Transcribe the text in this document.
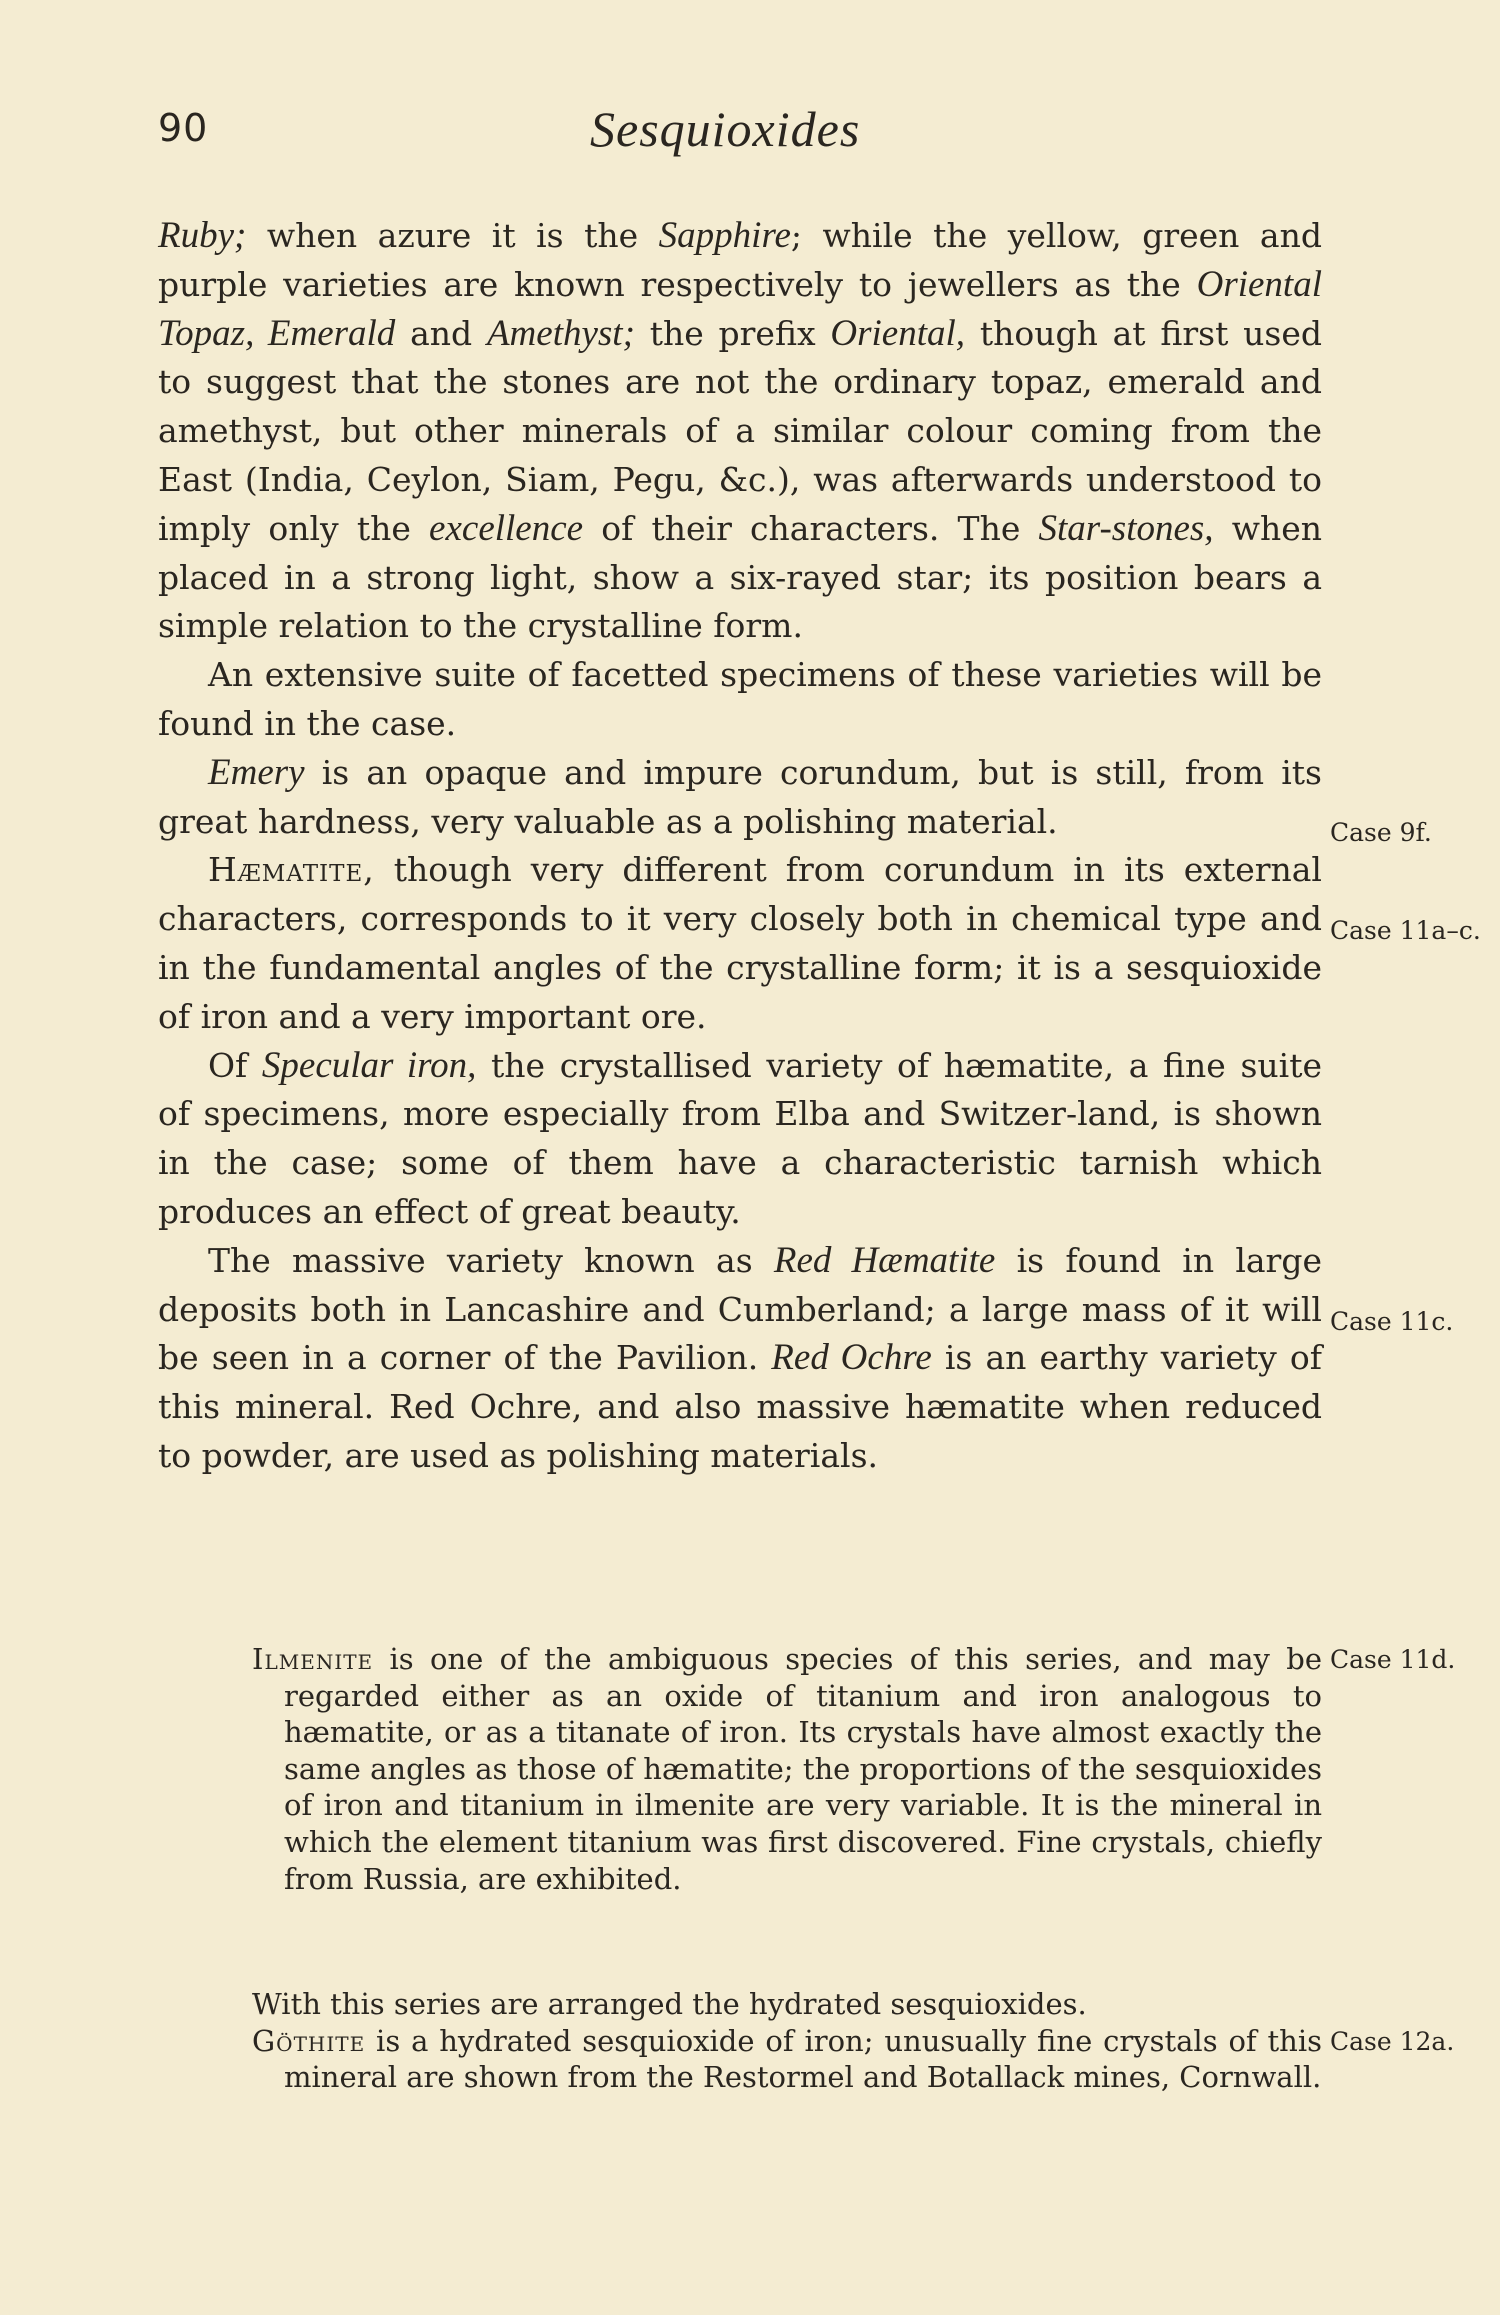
90	Sesquioxides

Ruby; when azure it is the Sapphire; while the yellow, green and purple varieties are known respectively to jewellers as the Oriental Topaz, Emerald and Amethyst; the prefix Oriental, though at first used to suggest that the stones are not the ordinary topaz, emerald and amethyst, but other minerals of a similar colour coming from the East (India, Ceylon, Siam, Pegu, &c.), was afterwards understood to imply only the excellence of their characters. The Star-stones, when placed in a strong light, show a six-rayed star; its position bears a simple relation to the crystalline form.

An extensive suite of facetted specimens of these varieties will be found in the case.

Emery is an opaque and impure corundum, but is still, from its great hardness, very valuable as a polishing material.

Hæmatite, though very different from corundum in its external characters, corresponds to it very closely both in chemical type and in the fundamental angles of the crystalline form; it is a sesquioxide of iron and a very important ore.

Of Specular iron, the crystallised variety of hæmatite, a fine suite of specimens, more especially from Elba and Switzer-land, is shown in the case; some of them have a characteristic tarnish which produces an effect of great beauty.

The massive variety known as Red Hæmatite is found in large deposits both in Lancashire and Cumberland; a large mass of it will be seen in a corner of the Pavilion. Red Ochre is an earthy variety of this mineral. Red Ochre, and also massive hæmatite when reduced to powder, are used as polishing materials.

Ilmenite is one of the ambiguous species of this series, and may be regarded either as an oxide of titanium and iron analogous to hæmatite, or as a titanate of iron. Its crystals have almost exactly the same angles as those of hæmatite; the proportions of the sesquioxides of iron and titanium in ilmenite are very variable. It is the mineral in which the element titanium was first discovered. Fine crystals, chiefly from Russia, are exhibited.

With this series are arranged the hydrated sesquioxides.

Göthite is a hydrated sesquioxide of iron; unusually fine crystals of this mineral are shown from the Restormel and Botallack mines, Cornwall.

Case 9f.
Case 11a–c.
Case 11c.
Case 11d.
Case 12a.
